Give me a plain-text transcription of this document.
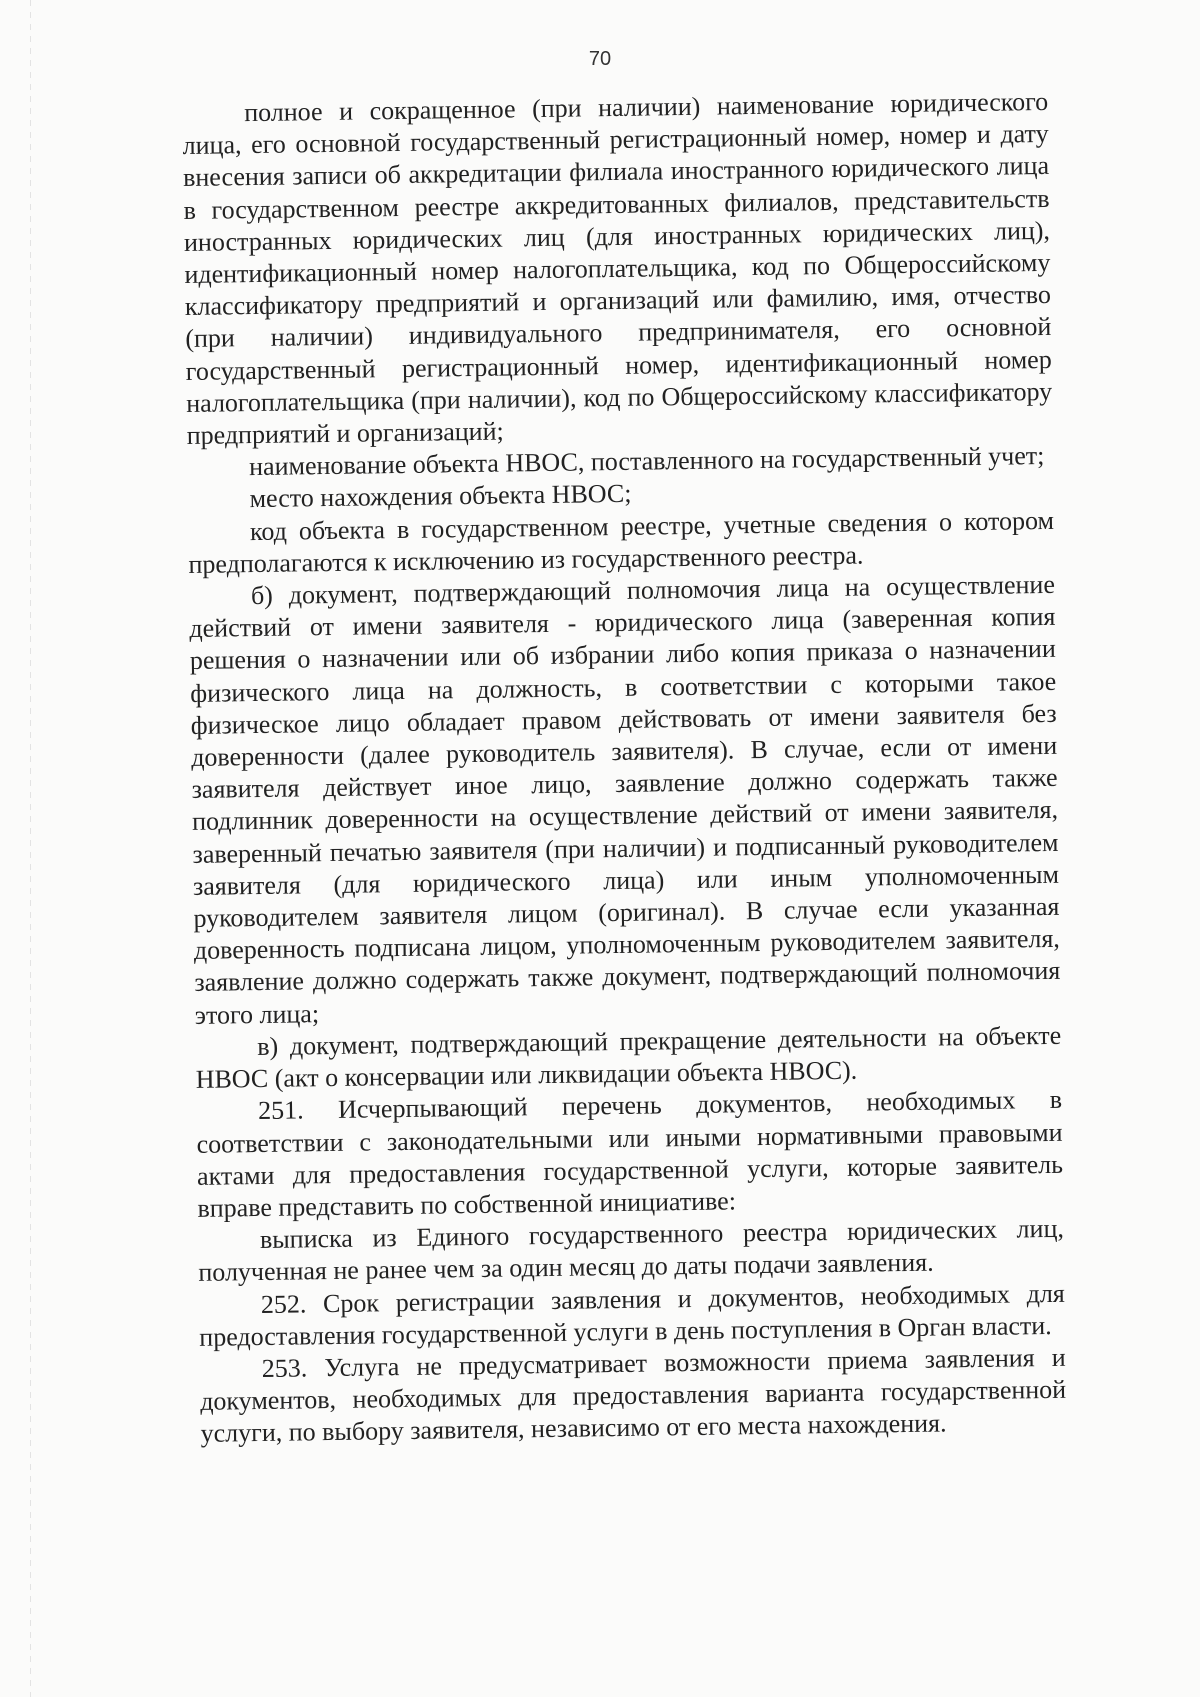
70

полное и сокращенное (при наличии) наименование юридического лица, его основной государственный регистрационный номер, номер и дату внесения записи об аккредитации филиала иностранного юридического лица в государственном реестре аккредитованных филиалов, представительств иностранных юридических лиц (для иностранных юридических лиц), идентификационный номер налогоплательщика, код по Общероссийскому классификатору предприятий и организаций или фамилию, имя, отчество (при наличии) индивидуального предпринимателя, его основной государственный регистрационный номер, идентификационный номер налогоплательщика (при наличии), код по Общероссийскому классификатору предприятий и организаций;

наименование объекта НВОС, поставленного на государственный учет;

место нахождения объекта НВОС;

код объекта в государственном реестре, учетные сведения о котором предполагаются к исключению из государственного реестра.

б) документ, подтверждающий полномочия лица на осуществление действий от имени заявителя - юридического лица (заверенная копия решения о назначении или об избрании либо копия приказа о назначении физического лица на должность, в соответствии с которыми такое физическое лицо обладает правом действовать от имени заявителя без доверенности (далее руководитель заявителя). В случае, если от имени заявителя действует иное лицо, заявление должно содержать также подлинник доверенности на осуществление действий от имени заявителя, заверенный печатью заявителя (при наличии) и подписанный руководителем заявителя (для юридического лица) или иным уполномоченным руководителем заявителя лицом (оригинал). В случае если указанная доверенность подписана лицом, уполномоченным руководителем заявителя, заявление должно содержать также документ, подтверждающий полномочия этого лица;

в) документ, подтверждающий прекращение деятельности на объекте НВОС (акт о консервации или ликвидации объекта НВОС).

251. Исчерпывающий перечень документов, необходимых в соответствии с законодательными или иными нормативными правовыми актами для предоставления государственной услуги, которые заявитель вправе представить по собственной инициативе:

выписка из Единого государственного реестра юридических лиц, полученная не ранее чем за один месяц до даты подачи заявления.

252. Срок регистрации заявления и документов, необходимых для предоставления государственной услуги в день поступления в Орган власти.

253. Услуга не предусматривает возможности приема заявления и документов, необходимых для предоставления варианта государственной услуги, по выбору заявителя, независимо от его места нахождения.
